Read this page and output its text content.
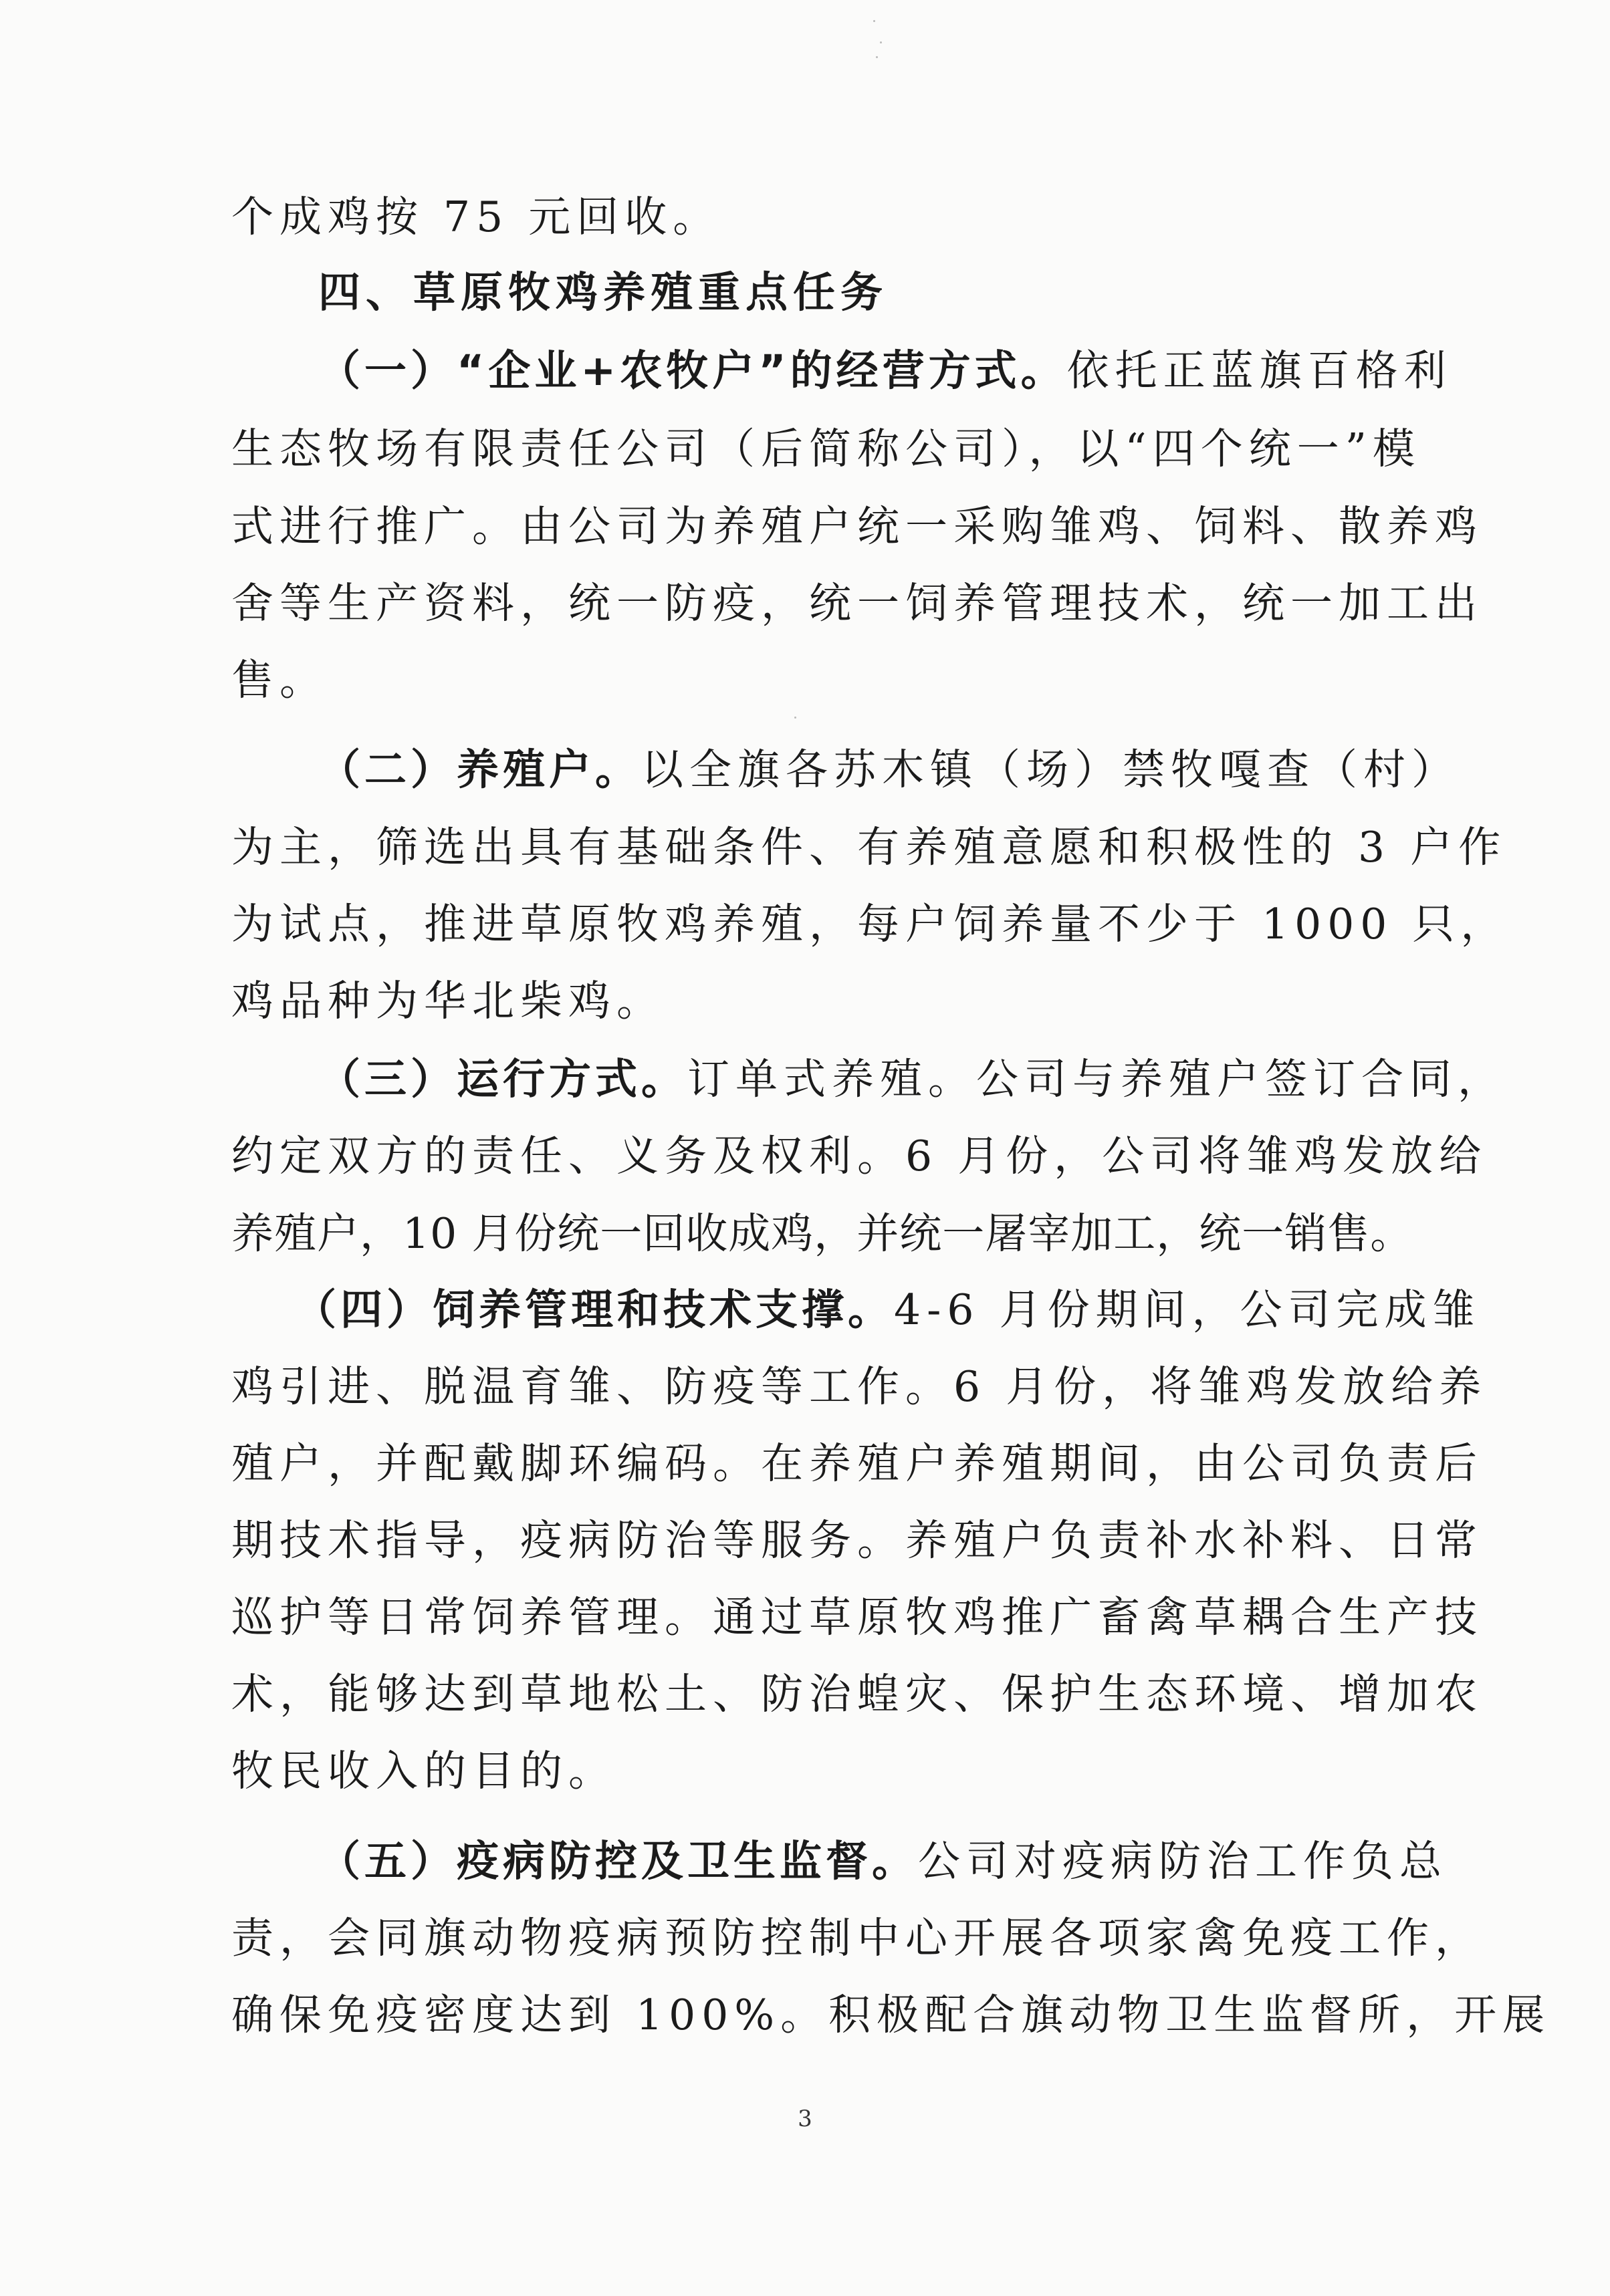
个成鸡按 75 元回收。
四、草原牧鸡养殖重点任务
（一）“企业+农牧户”的经营方式。依托正蓝旗百格利
生态牧场有限责任公司（后简称公司），以“四个统一”模
式进行推广。由公司为养殖户统一采购雏鸡、饲料、散养鸡
舍等生产资料，统一防疫，统一饲养管理技术，统一加工出
售。
（二）养殖户。以全旗各苏木镇（场）禁牧嘎查（村）
为主，筛选出具有基础条件、有养殖意愿和积极性的 3 户作
为试点，推进草原牧鸡养殖，每户饲养量不少于 1000 只，
鸡品种为华北柴鸡。
（三）运行方式。订单式养殖。公司与养殖户签订合同，
约定双方的责任、义务及权利。6 月份，公司将雏鸡发放给
养殖户，10 月份统一回收成鸡，并统一屠宰加工，统一销售。
（四）饲养管理和技术支撑。4-6 月份期间，公司完成雏
鸡引进、脱温育雏、防疫等工作。6 月份，将雏鸡发放给养
殖户，并配戴脚环编码。在养殖户养殖期间，由公司负责后
期技术指导，疫病防治等服务。养殖户负责补水补料、日常
巡护等日常饲养管理。通过草原牧鸡推广畜禽草耦合生产技
术，能够达到草地松土、防治蝗灾、保护生态环境、增加农
牧民收入的目的。
（五）疫病防控及卫生监督。公司对疫病防治工作负总
责，会同旗动物疫病预防控制中心开展各项家禽免疫工作，
确保免疫密度达到 100%。积极配合旗动物卫生监督所，开展
3
